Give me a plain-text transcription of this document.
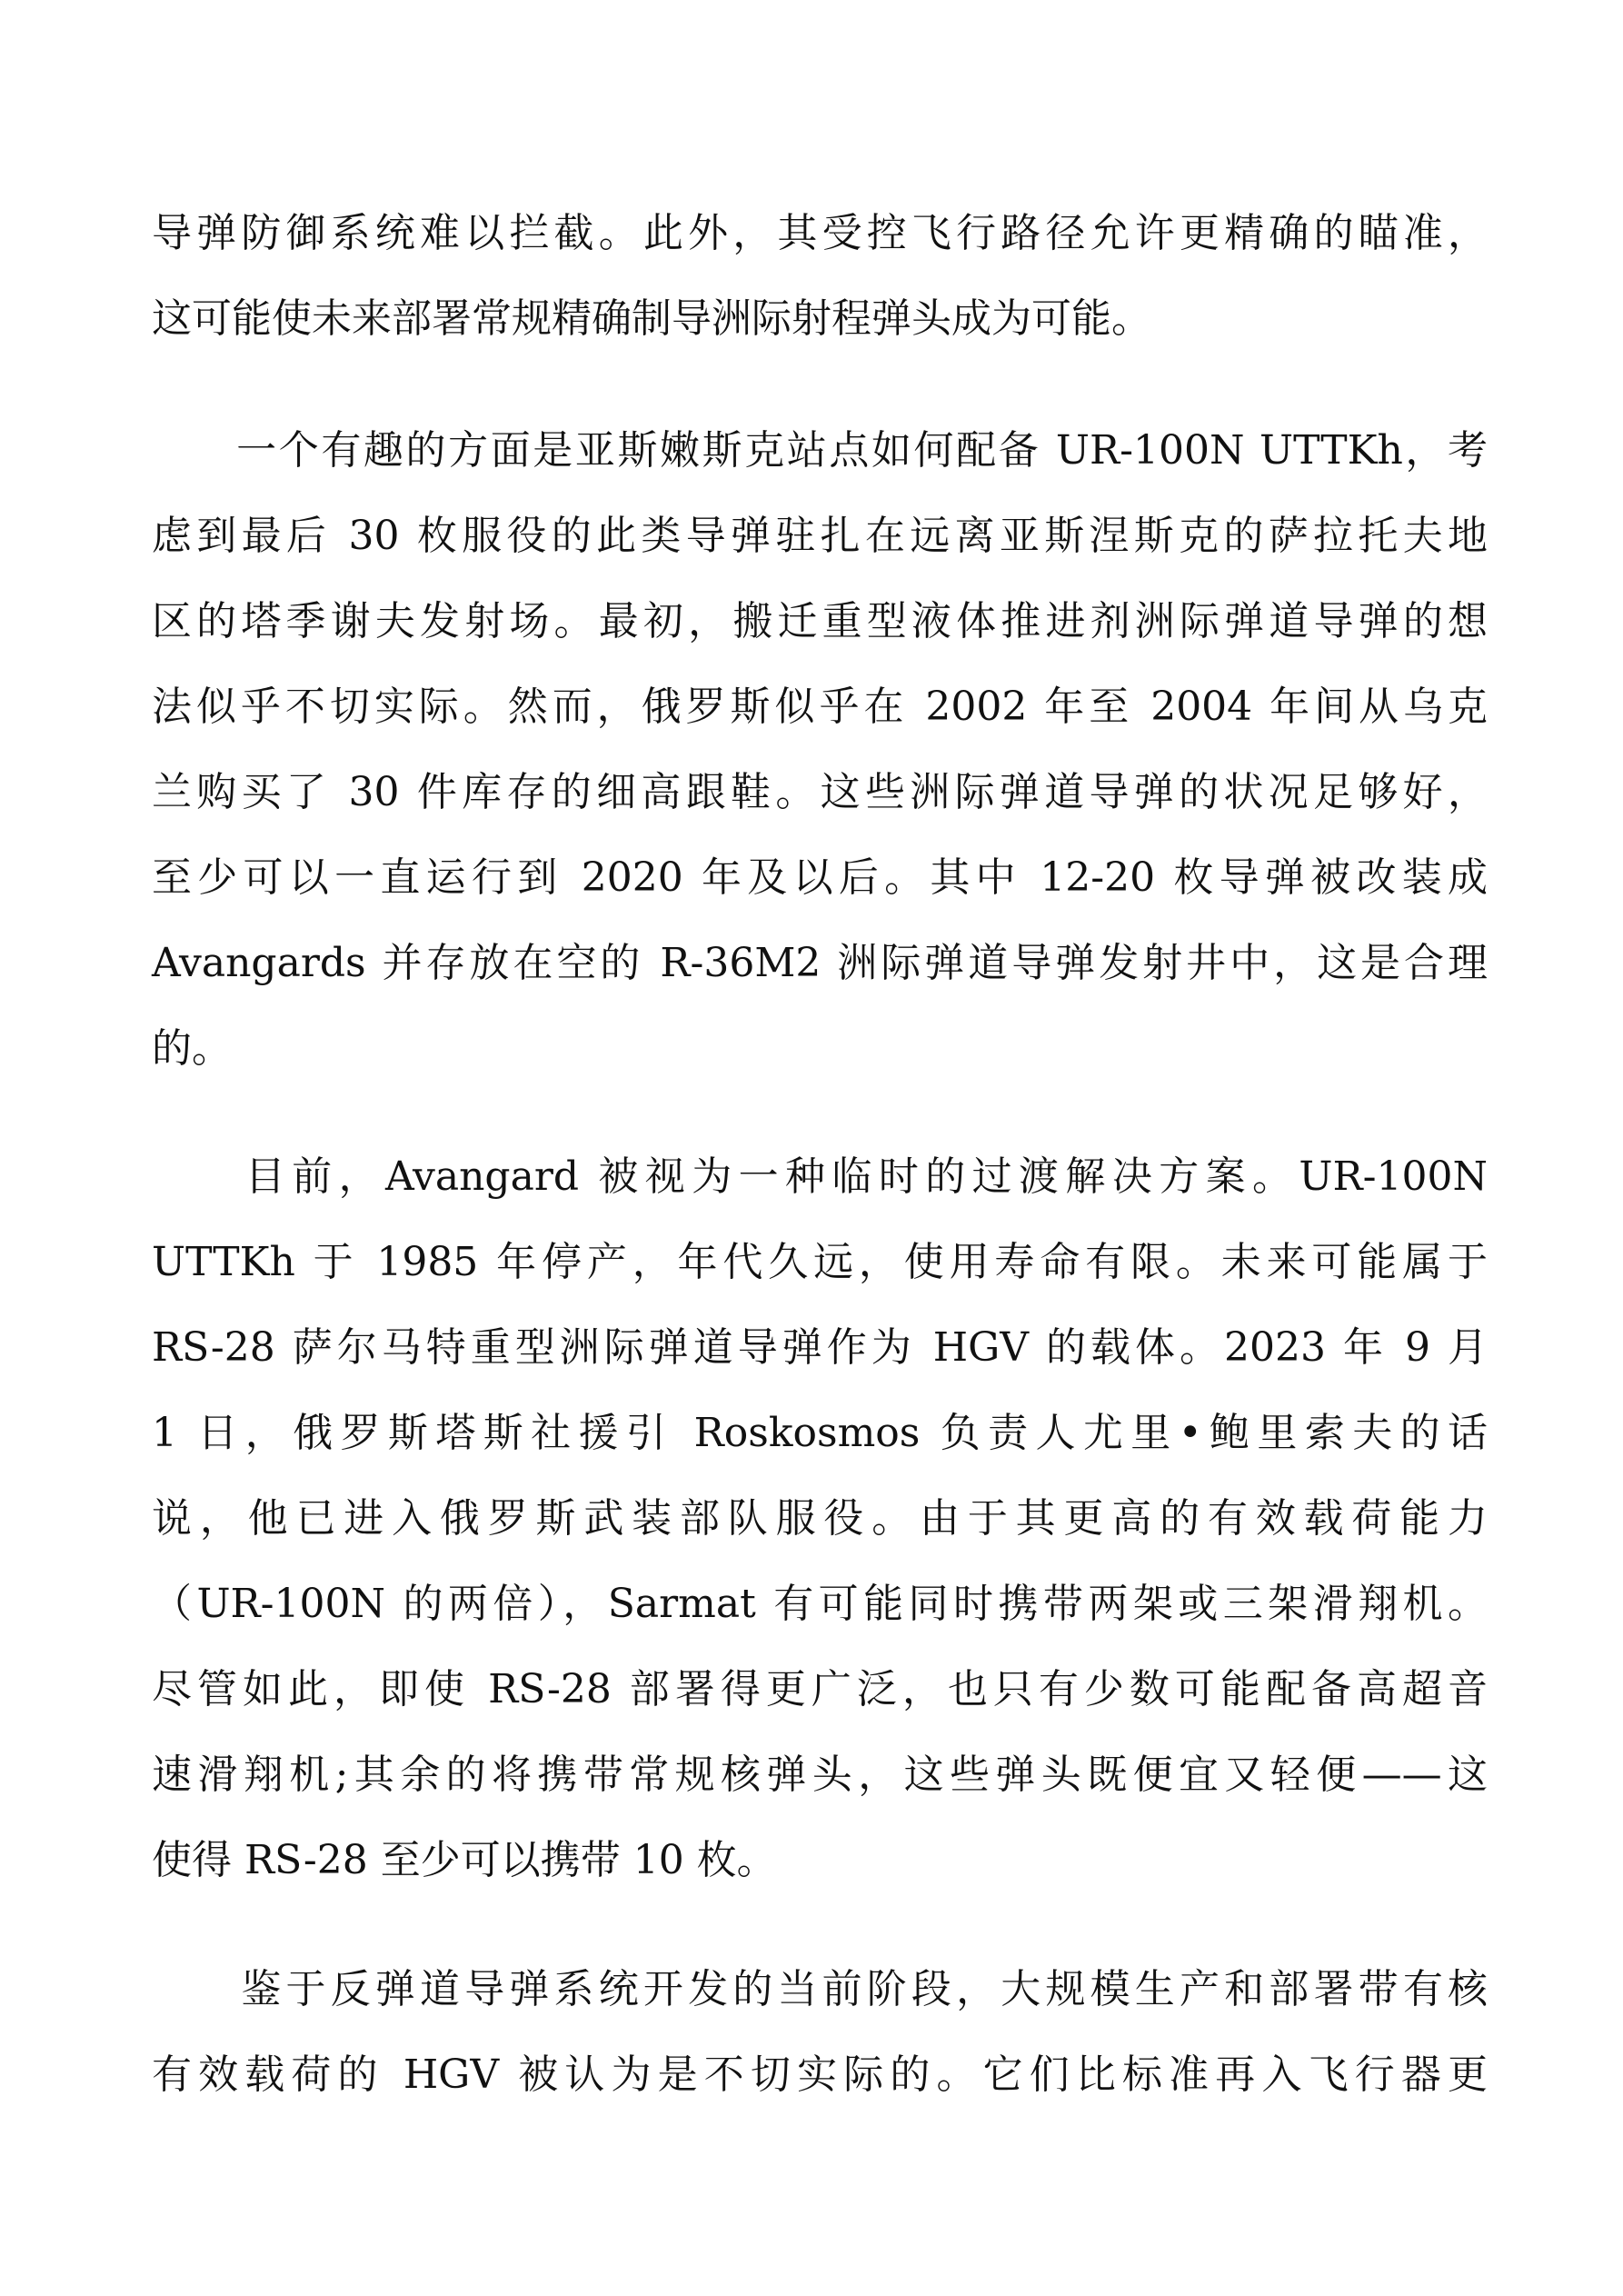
导弹防御系统难以拦截。此外，其受控飞行路径允许更精确的瞄准，
这可能使未来部署常规精确制导洲际射程弹头成为可能。
　　一个有趣的方面是亚斯嫩斯克站点如何配备 UR-100N UTTKh，考
虑到最后 30 枚服役的此类导弹驻扎在远离亚斯涅斯克的萨拉托夫地
区的塔季谢夫发射场。最初，搬迁重型液体推进剂洲际弹道导弹的想
法似乎不切实际。然而，俄罗斯似乎在 2002 年至 2004 年间从乌克
兰购买了 30 件库存的细高跟鞋。这些洲际弹道导弹的状况足够好，
至少可以一直运行到 2020 年及以后。其中 12-20 枚导弹被改装成
Avangards 并存放在空的 R-36M2 洲际弹道导弹发射井中，这是合理
的。
　　目前，Avangard 被视为一种临时的过渡解决方案。UR-100N
UTTKh 于 1985 年停产，年代久远，使用寿命有限。未来可能属于
RS-28 萨尔马特重型洲际弹道导弹作为 HGV 的载体。2023 年 9 月
1 日，俄罗斯塔斯社援引 Roskosmos 负责人尤里•鲍里索夫的话
说，他已进入俄罗斯武装部队服役。由于其更高的有效载荷能力
（UR-100N 的两倍），Sarmat 有可能同时携带两架或三架滑翔机。
尽管如此，即使 RS-28 部署得更广泛，也只有少数可能配备高超音
速滑翔机;其余的将携带常规核弹头，这些弹头既便宜又轻便——这
使得 RS-28 至少可以携带 10 枚。
　　鉴于反弹道导弹系统开发的当前阶段，大规模生产和部署带有核
有效载荷的 HGV 被认为是不切实际的。它们比标准再入飞行器更
